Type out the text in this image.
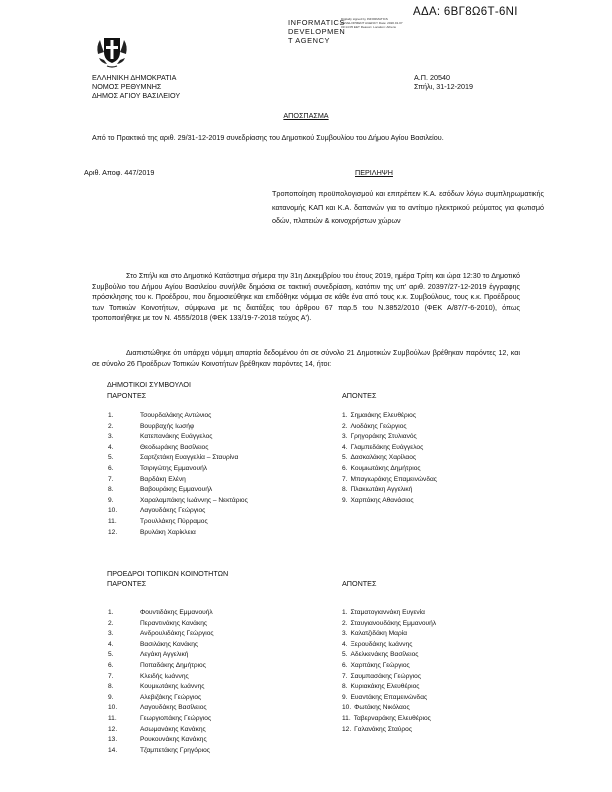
ΑΔΑ: 6ΒΓ8Ω6Τ-6ΝΙ
INFORMATICS
DEVELOPMEN
T AGENCY
Digitally signed by INFORMATICS DEVELOPMENT AGENCY Date: 2020.01.07 09:14:05 EET Reason: Location: Athens
ΕΛΛΗΝΙΚΗ ΔΗΜΟΚΡΑΤΙΑ
ΝΟΜΟΣ ΡΕΘΥΜΝΗΣ
ΔΗΜΟΣ ΑΓΙΟΥ ΒΑΣΙΛΕΙΟΥ
Α.Π. 20540
Σπήλι, 31-12-2019
ΑΠΟΣΠΑΣΜΑ
Από το Πρακτικό της αριθ. 29/31-12-2019 συνεδρίασης του Δημοτικού Συμβουλίου του Δήμου Αγίου Βασιλείου.
Αριθ. Αποφ. 447/2019	ΠΕΡΙΛΗΨΗ
Τροποποίηση προϋπολογισμού και επιτρέπειν Κ.Α. εσόδων λόγω συμπληρωματικής κατανομής ΚΑΠ και Κ.Α. δαπανών για το αντίτιμο ηλεκτρικού ρεύματος για φωτισμό οδών, πλατειών & κοινοχρήστων χώρων
Στο Σπήλι και στο Δημοτικό Κατάστημα σήμερα την 31η Δεκεμβρίου του έτους 2019, ημέρα Τρίτη και ώρα 12:30 το Δημοτικό Συμβούλιο του Δήμου Αγίου Βασιλείου συνήλθε δημόσια σε τακτική συνεδρίαση, κατόπιν της υπ' αριθ. 20397/27-12-2019 έγγραφης πρόσκλησης του κ. Προέδρου, που δημοσιεύθηκε και επιδόθηκε νόμιμα σε κάθε ένα από τους κ.κ. Συμβούλους, τους κ.κ. Προέδρους των Τοπικών Κοινοτήτων, σύμφωνα με τις διατάξεις του άρθρου 67 παρ.5 του Ν.3852/2010 (ΦΕΚ Α/87/7-6-2010), όπως τροποποιήθηκε με τον Ν. 4555/2018 (ΦΕΚ 133/19-7-2018 τεύχος Α').
Διαπιστώθηκε ότι υπάρχει νόμιμη απαρτία δεδομένου ότι σε σύνολο 21 Δημοτικών Συμβούλων βρέθηκαν παρόντες 12, και σε σύνολο 26 Προέδρων Τοπικών Κοινοτήτων βρέθηκαν παρόντες 14, ήτοι:
ΔΗΜΟΤΙΚΟΙ ΣΥΜΒΟΥΛΟΙ
ΠΑΡΟΝΤΕΣ	ΑΠΟΝΤΕΣ
1.	Τσουρδαλάκης Αντώνιος
2.	Βουρβαχής Ιωσήφ
3.	Κατεπανάκης Ευάγγελος
4.	Θεοδωράκης Βασίλειος
5.	Σαρτζετάκη Ευαγγελία – Σταυρίνα
6.	Τσιριγώτης Εμμανουήλ
7.	Βαρδάκη Ελένη
8.	Βαβουράκης Εμμανουήλ
9.	Χαραλαμπάκης Ιωάννης – Νεκτάριος
10.	Λαγουδάκης Γεώργιος
11.	Τρουλλάκης Πύρραμος
12.	Βρυλάκη Χαρίκλεια
1. Σημαιάκης Ελευθέριος
2. Λιοδάκης Γεώργιος
3. Γρηγοράκης Στυλιανός
4. Γλαμπεδάκης Ευάγγελος
5. Δασκαλάκης Χαρίλαος
6. Κουμιωτάκης Δημήτριος
7. Μπαγιωράκης Επαμεινώνδας
8. Πλακιωτάκη Αγγελική
9. Χαρπάκης Αθανάσιος
ΠΡΟΕΔΡΟΙ ΤΟΠΙΚΩΝ ΚΟΙΝΟΤΗΤΩΝ
ΠΑΡΟΝΤΕΣ	ΑΠΟΝΤΕΣ
1.	Φουντιδάκης Εμμανουήλ
2.	Περαντινάκης Κανάκης
3.	Ανδρουλιδάκης Γεώργιος
4.	Βασιλάκης Κανάκης
5.	Λεγάκη Αγγελική
6.	Ποπαδάκης Δημήτριος
7.	Κλειδής Ιωάννης
8.	Κουμιωτάκης Ιωάννης
9.	Αλεβιζάκης Γεώργιος
10.	Λαγουδάκης Βασίλειος
11.	Γεωργιοπάκης Γεώργιος
12.	Ασωμανάκης Κανάκης
13.	Ρουκουνάκης Κανάκης
14.	Τζαμπετάκης Γρηγόριος
1. Σταματογιαννάκη Ευγενία
2. Σταυγιανουδάκης Εμμανουήλ
3. Καλατζιδάκη Μαρία
4. Ξερουδάκης Ιωάννης
5. Αδελκενάκης Βασίλειος
6. Χαρπάκης Γεώργιος
7. Σαυμπασάκης Γεώργιος
8. Κυριακάκης Ελευθέριος
9. Ευαντάκης Επαμεινώνδας
10. Φωτάκης Νικόλαος
11. Ταβερναράκης Ελευθέριος
12. Γαλανάκης Σταύρος
